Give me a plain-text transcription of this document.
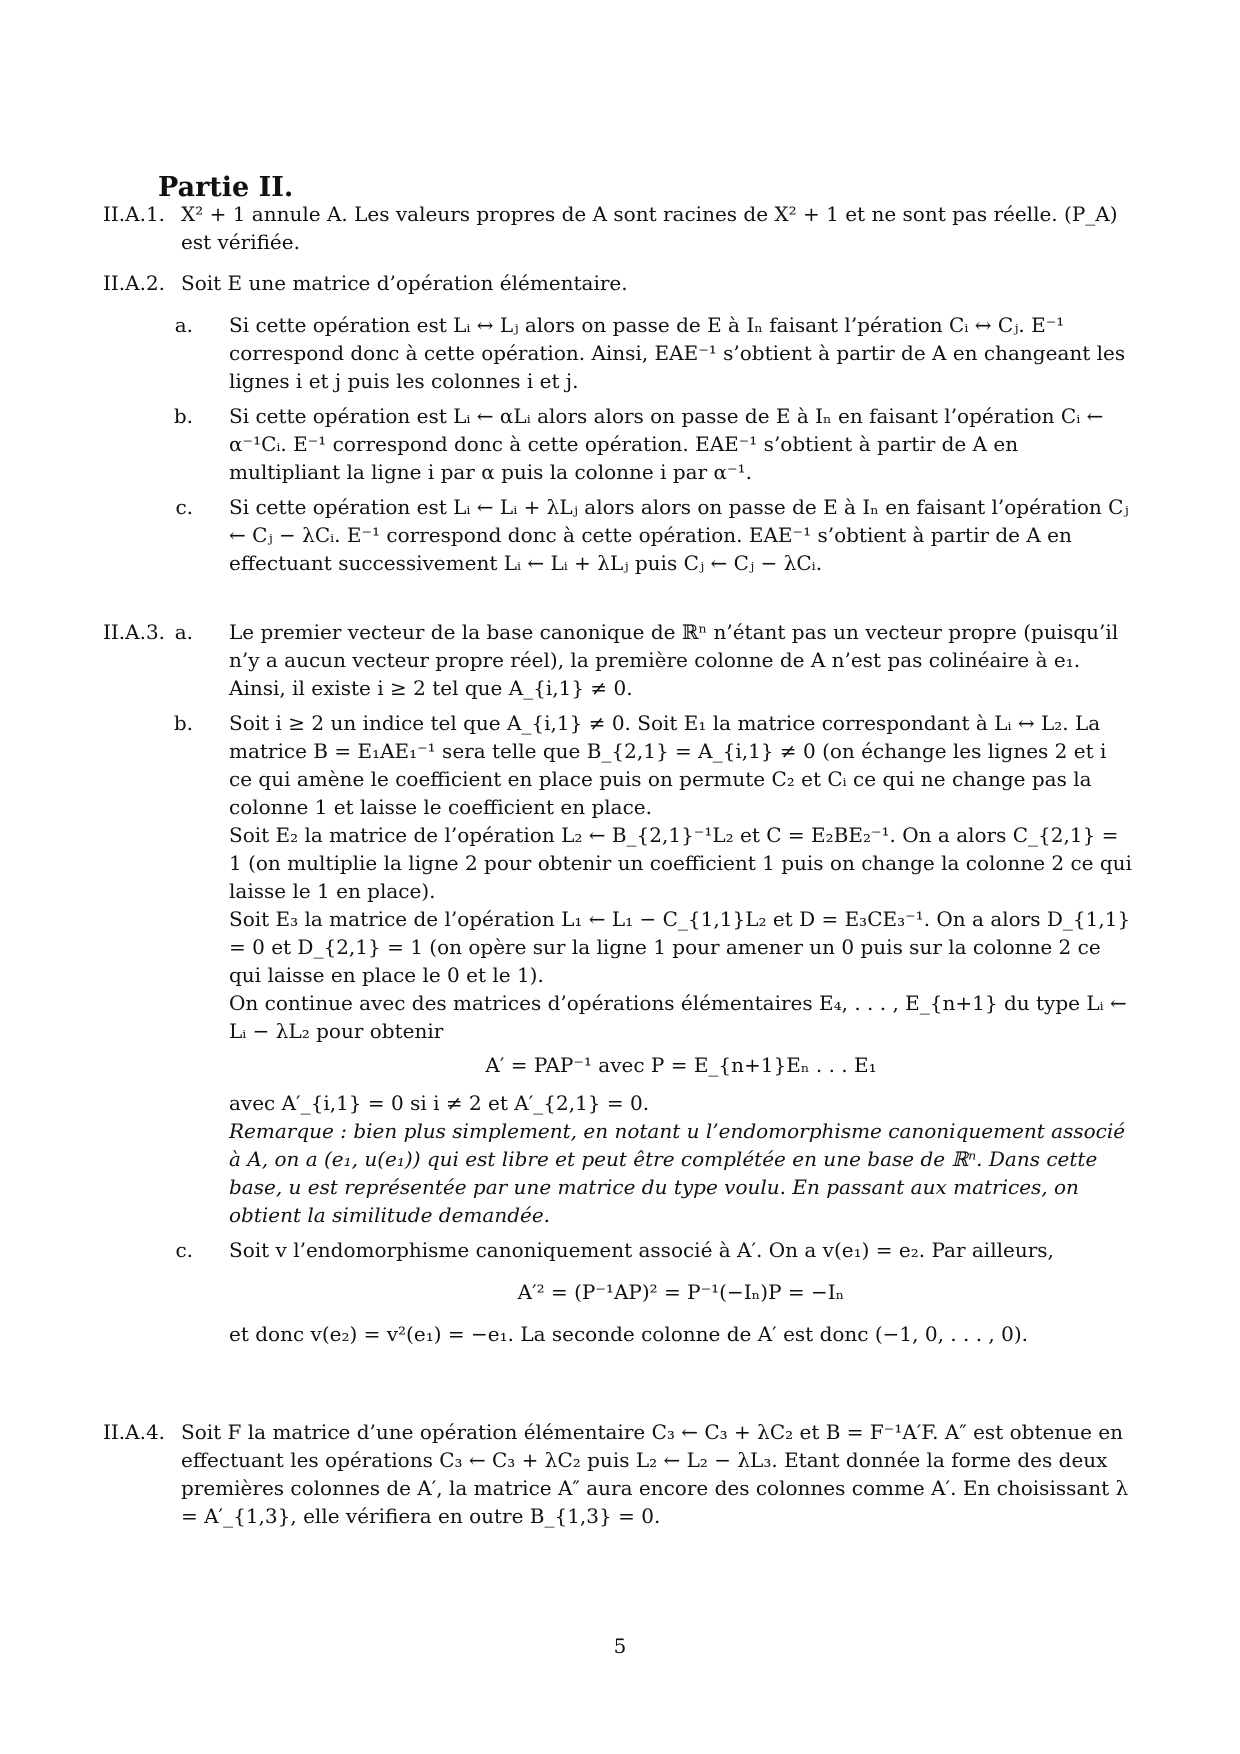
Partie II.
II.A.1. X² + 1 annule A. Les valeurs propres de A sont racines de X² + 1 et ne sont pas réelle. (P_A) est vérifiée.
II.A.2. Soit E une matrice d’opération élémentaire.
a. Si cette opération est Lᵢ ↔ Lⱼ alors on passe de E à Iₙ faisant l’pération Cᵢ ↔ Cⱼ. E⁻¹ correspond donc à cette opération. Ainsi, EAE⁻¹ s’obtient à partir de A en changeant les lignes i et j puis les colonnes i et j.
b. Si cette opération est Lᵢ ← αLᵢ alors alors on passe de E à Iₙ en faisant l’opération Cᵢ ← α⁻¹Cᵢ. E⁻¹ correspond donc à cette opération. EAE⁻¹ s’obtient à partir de A en multipliant la ligne i par α puis la colonne i par α⁻¹.
c. Si cette opération est Lᵢ ← Lᵢ + λLⱼ alors alors on passe de E à Iₙ en faisant l’opération Cⱼ ← Cⱼ − λCᵢ. E⁻¹ correspond donc à cette opération. EAE⁻¹ s’obtient à partir de A en effectuant successivement Lᵢ ← Lᵢ + λLⱼ puis Cⱼ ← Cⱼ − λCᵢ.
II.A.3. a. Le premier vecteur de la base canonique de ℝⁿ n’étant pas un vecteur propre (puisqu’il n’y a aucun vecteur propre réel), la première colonne de A n’est pas colinéaire à e₁. Ainsi, il existe i ≥ 2 tel que A_{i,1} ≠ 0.
b. Soit i ≥ 2 un indice tel que A_{i,1} ≠ 0. Soit E₁ la matrice correspondant à Lᵢ ↔ L₂. La matrice B = E₁AE₁⁻¹ sera telle que B_{2,1} = A_{i,1} ≠ 0 (on échange les lignes 2 et i ce qui amène le coefficient en place puis on permute C₂ et Cᵢ ce qui ne change pas la colonne 1 et laisse le coefficient en place.
Soit E₂ la matrice de l’opération L₂ ← B_{2,1}⁻¹L₂ et C = E₂BE₂⁻¹. On a alors C_{2,1} = 1 (on multiplie la ligne 2 pour obtenir un coefficient 1 puis on change la colonne 2 ce qui laisse le 1 en place).
Soit E₃ la matrice de l’opération L₁ ← L₁ − C_{1,1}L₂ et D = E₃CE₃⁻¹. On a alors D_{1,1} = 0 et D_{2,1} = 1 (on opère sur la ligne 1 pour amener un 0 puis sur la colonne 2 ce qui laisse en place le 0 et le 1).
On continue avec des matrices d’opérations élémentaires E₄, . . . , E_{n+1} du type Lᵢ ← Lᵢ − λL₂ pour obtenir
A′ = PAP⁻¹ avec P = E_{n+1}Eₙ . . . E₁
avec A′_{i,1} = 0 si i ≠ 2 et A′_{2,1} = 0.
Remarque : bien plus simplement, en notant u l’endomorphisme canoniquement associé à A, on a (e₁, u(e₁)) qui est libre et peut être complétée en une base de ℝⁿ. Dans cette base, u est représentée par une matrice du type voulu. En passant aux matrices, on obtient la similitude demandée.
c. Soit v l’endomorphisme canoniquement associé à A′. On a v(e₁) = e₂. Par ailleurs,
A′² = (P⁻¹AP)² = P⁻¹(−Iₙ)P = −Iₙ
et donc v(e₂) = v²(e₁) = −e₁. La seconde colonne de A′ est donc (−1, 0, . . . , 0).
II.A.4. Soit F la matrice d’une opération élémentaire C₃ ← C₃ + λC₂ et B = F⁻¹A′F. A″ est obtenue en effectuant les opérations C₃ ← C₃ + λC₂ puis L₂ ← L₂ − λL₃. Etant donnée la forme des deux premières colonnes de A′, la matrice A″ aura encore des colonnes comme A′. En choisissant λ = A′_{1,3}, elle vérifiera en outre B_{1,3} = 0.
5
